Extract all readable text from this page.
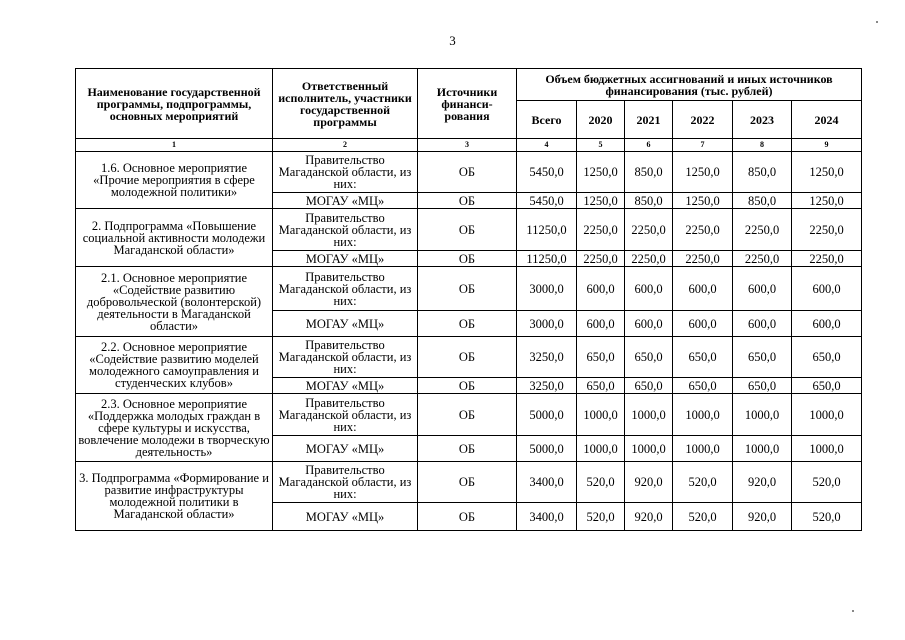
3
Наименование государственной программы, подпрограммы, основных мероприятий	Ответственный исполнитель, участники государственной программы	Источники финанси-рования	Объем бюджетных ассигнований и иных источников финансирования (тыс. рублей)					
			Всего	2020	2021	2022	2023	2024
1	2	3	4	5	6	7	8	9
1.6. Основное мероприятие «Прочие мероприятия в сфере молодежной политики»	Правительство Магаданской области, из них:	ОБ	5450,0	1250,0	850,0	1250,0	850,0	1250,0
	МОГАУ «МЦ»	ОБ	5450,0	1250,0	850,0	1250,0	850,0	1250,0
2. Подпрограмма «Повышение социальной активности молодежи Магаданской области»	Правительство Магаданской области, из них:	ОБ	11250,0	2250,0	2250,0	2250,0	2250,0	2250,0
	МОГАУ «МЦ»	ОБ	11250,0	2250,0	2250,0	2250,0	2250,0	2250,0
2.1. Основное мероприятие «Содействие развитию добровольческой (волонтерской) деятельности в Магаданской области»	Правительство Магаданской области, из них:	ОБ	3000,0	600,0	600,0	600,0	600,0	600,0
	МОГАУ «МЦ»	ОБ	3000,0	600,0	600,0	600,0	600,0	600,0
2.2. Основное мероприятие «Содействие развитию моделей молодежного самоуправления и студенческих клубов»	Правительство Магаданской области, из них:	ОБ	3250,0	650,0	650,0	650,0	650,0	650,0
	МОГАУ «МЦ»	ОБ	3250,0	650,0	650,0	650,0	650,0	650,0
2.3. Основное мероприятие «Поддержка молодых граждан в сфере культуры и искусства, вовлечение молодежи в творческую деятельность»	Правительство Магаданской области, из них:	ОБ	5000,0	1000,0	1000,0	1000,0	1000,0	1000,0
	МОГАУ «МЦ»	ОБ	5000,0	1000,0	1000,0	1000,0	1000,0	1000,0
3. Подпрограмма «Формирование и развитие инфраструктуры молодежной политики в Магаданской области»	Правительство Магаданской области, из них:	ОБ	3400,0	520,0	920,0	520,0	920,0	520,0
	МОГАУ «МЦ»	ОБ	3400,0	520,0	920,0	520,0	920,0	520,0
